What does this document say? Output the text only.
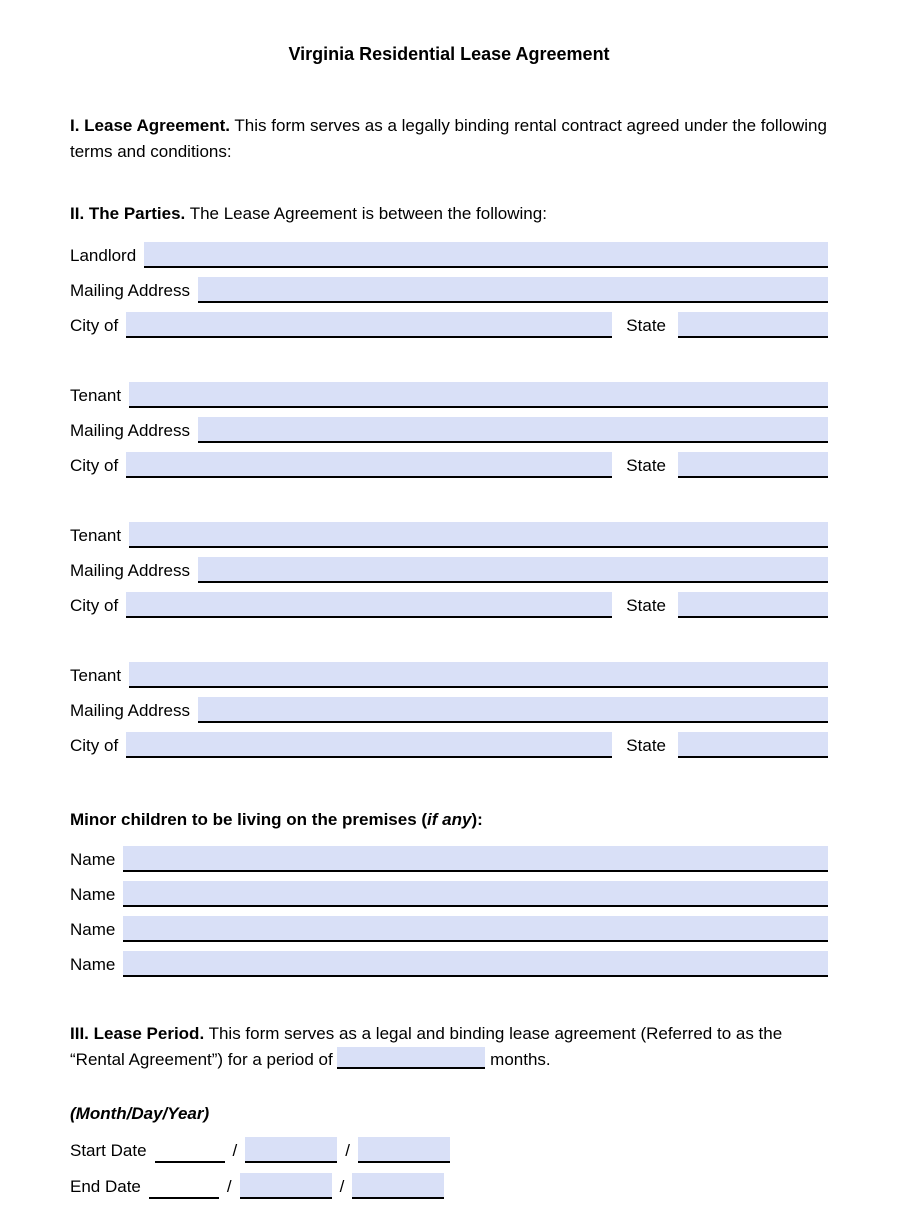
Virginia Residential Lease Agreement

I. Lease Agreement. This form serves as a legally binding rental contract agreed under the following terms and conditions:

II. The Parties. The Lease Agreement is between the following:

Landlord
Mailing Address
City of	State
Tenant
Mailing Address
City of	State
Tenant
Mailing Address
City of	State
Tenant
Mailing Address
City of	State

Minor children to be living on the premises (if any):

Name
Name
Name
Name

III. Lease Period. This form serves as a legal and binding lease agreement (Referred to as the “Rental Agreement”) for a period of	months.

(Month/Day/Year)

Start Date	/	/
End Date	/	/
